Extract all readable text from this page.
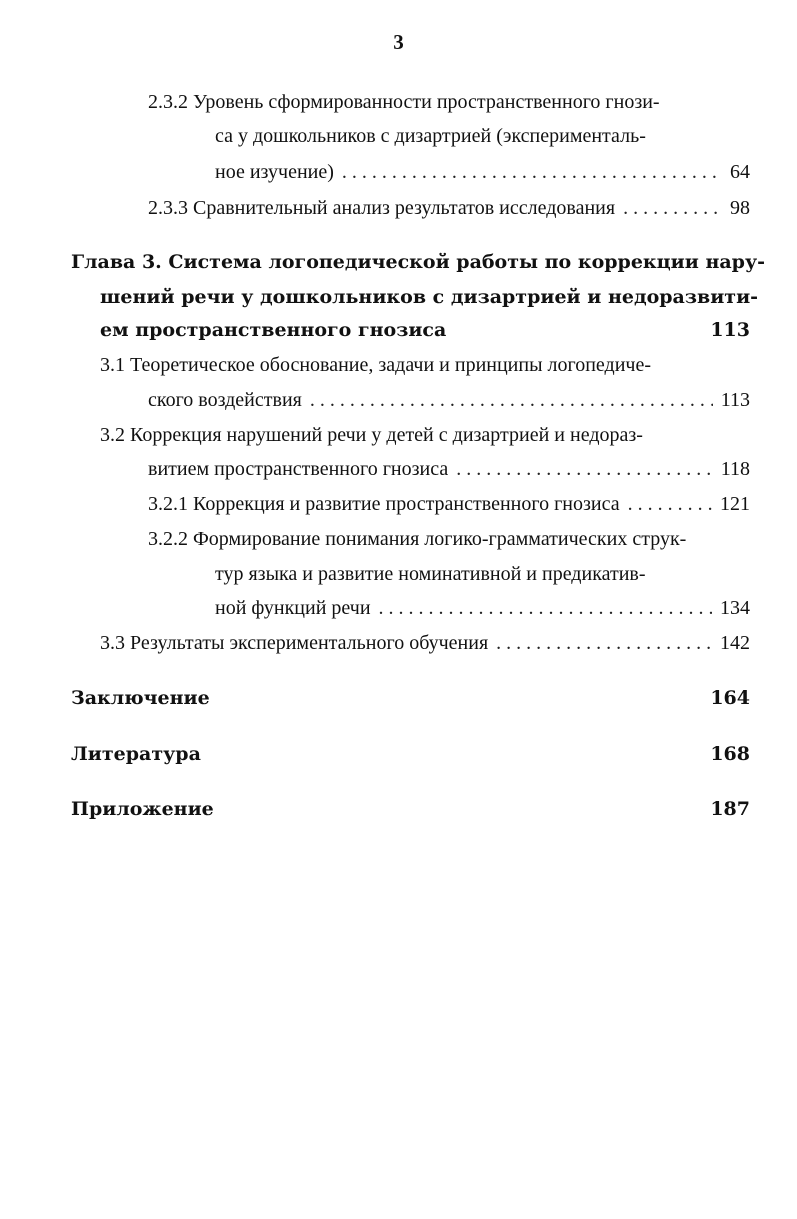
3
2.3.2 Уровень сформированности пространственного гнози-
са у дошкольников с дизартрией (эксперименталь-
ное изучение) . . .	64
2.3.3 Сравнительный анализ результатов исследования . . .	98
Глава 3. Система логопедической работы по коррекции нару-
шений речи у дошкольников с дизартрией и недоразвити-
ем пространственного гнозиса	113
3.1 Теоретическое обоснование, задачи и принципы логопедиче-
ского воздействия . . .	113
3.2 Коррекция нарушений речи у детей с дизартрией и недораз-
витием пространственного гнозиса . . .	118
3.2.1 Коррекция и развитие пространственного гнозиса . . .	121
3.2.2 Формирование понимания логико-грамматических струк-
тур языка и развитие номинативной и предикатив-
ной функций речи . . .	134
3.3 Результаты экспериментального обучения . . .	142
Заключение	164
Литература	168
Приложение	187
